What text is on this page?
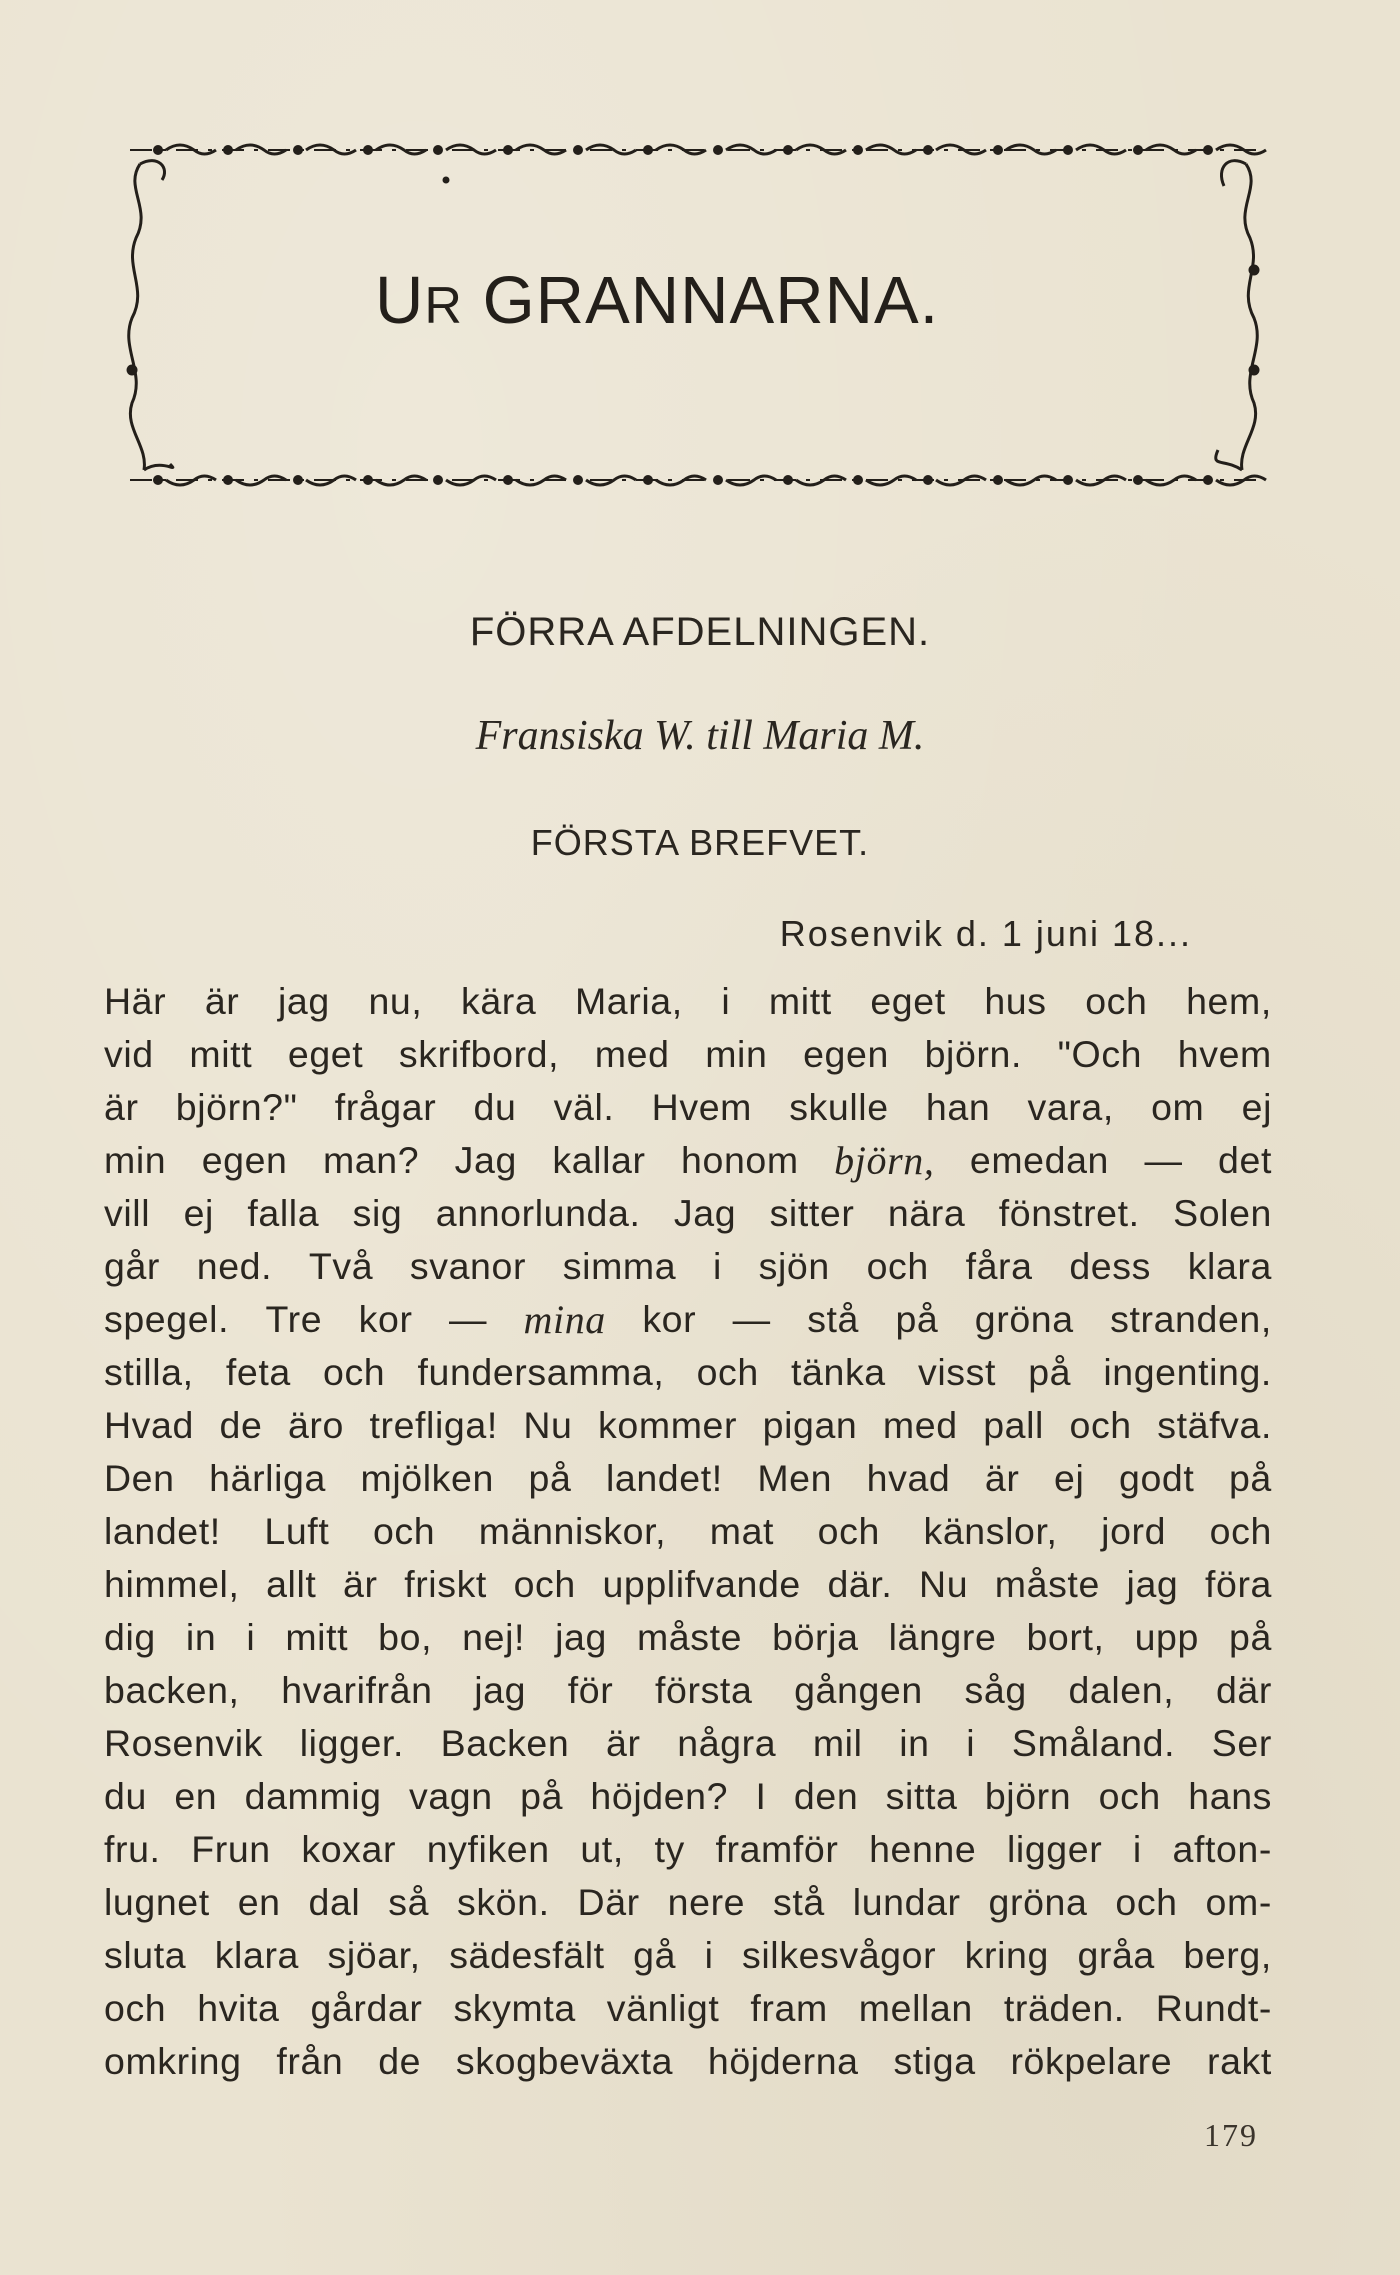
UR GRANNARNA.
FÖRRA AFDELNINGEN.
Fransiska W. till Maria M.
FÖRSTA BREFVET.
Rosenvik d. 1 juni 18...
Här är jag nu, kära Maria, i mitt eget hus och hem,
vid mitt eget skrifbord, med min egen björn. "Och hvem
är björn?" frågar du väl. Hvem skulle han vara, om ej
min egen man? Jag kallar honom björn, emedan — det
vill ej falla sig annorlunda. Jag sitter nära fönstret. Solen
går ned. Två svanor simma i sjön och fåra dess klara
spegel. Tre kor — mina kor — stå på gröna stranden,
stilla, feta och fundersamma, och tänka visst på ingenting.
Hvad de äro trefliga! Nu kommer pigan med pall och stäfva.
Den härliga mjölken på landet! Men hvad är ej godt på
landet! Luft och människor, mat och känslor, jord och
himmel, allt är friskt och upplifvande där. Nu måste jag föra
dig in i mitt bo, nej! jag måste börja längre bort, upp på
backen, hvarifrån jag för första gången såg dalen, där
Rosenvik ligger. Backen är några mil in i Småland. Ser
du en dammig vagn på höjden? I den sitta björn och hans
fru. Frun koxar nyfiken ut, ty framför henne ligger i afton-
lugnet en dal så skön. Där nere stå lundar gröna och om-
sluta klara sjöar, sädesfält gå i silkesvågor kring gråa berg,
och hvita gårdar skymta vänligt fram mellan träden. Rundt-
omkring från de skogbeväxta höjderna stiga rökpelare rakt
179
